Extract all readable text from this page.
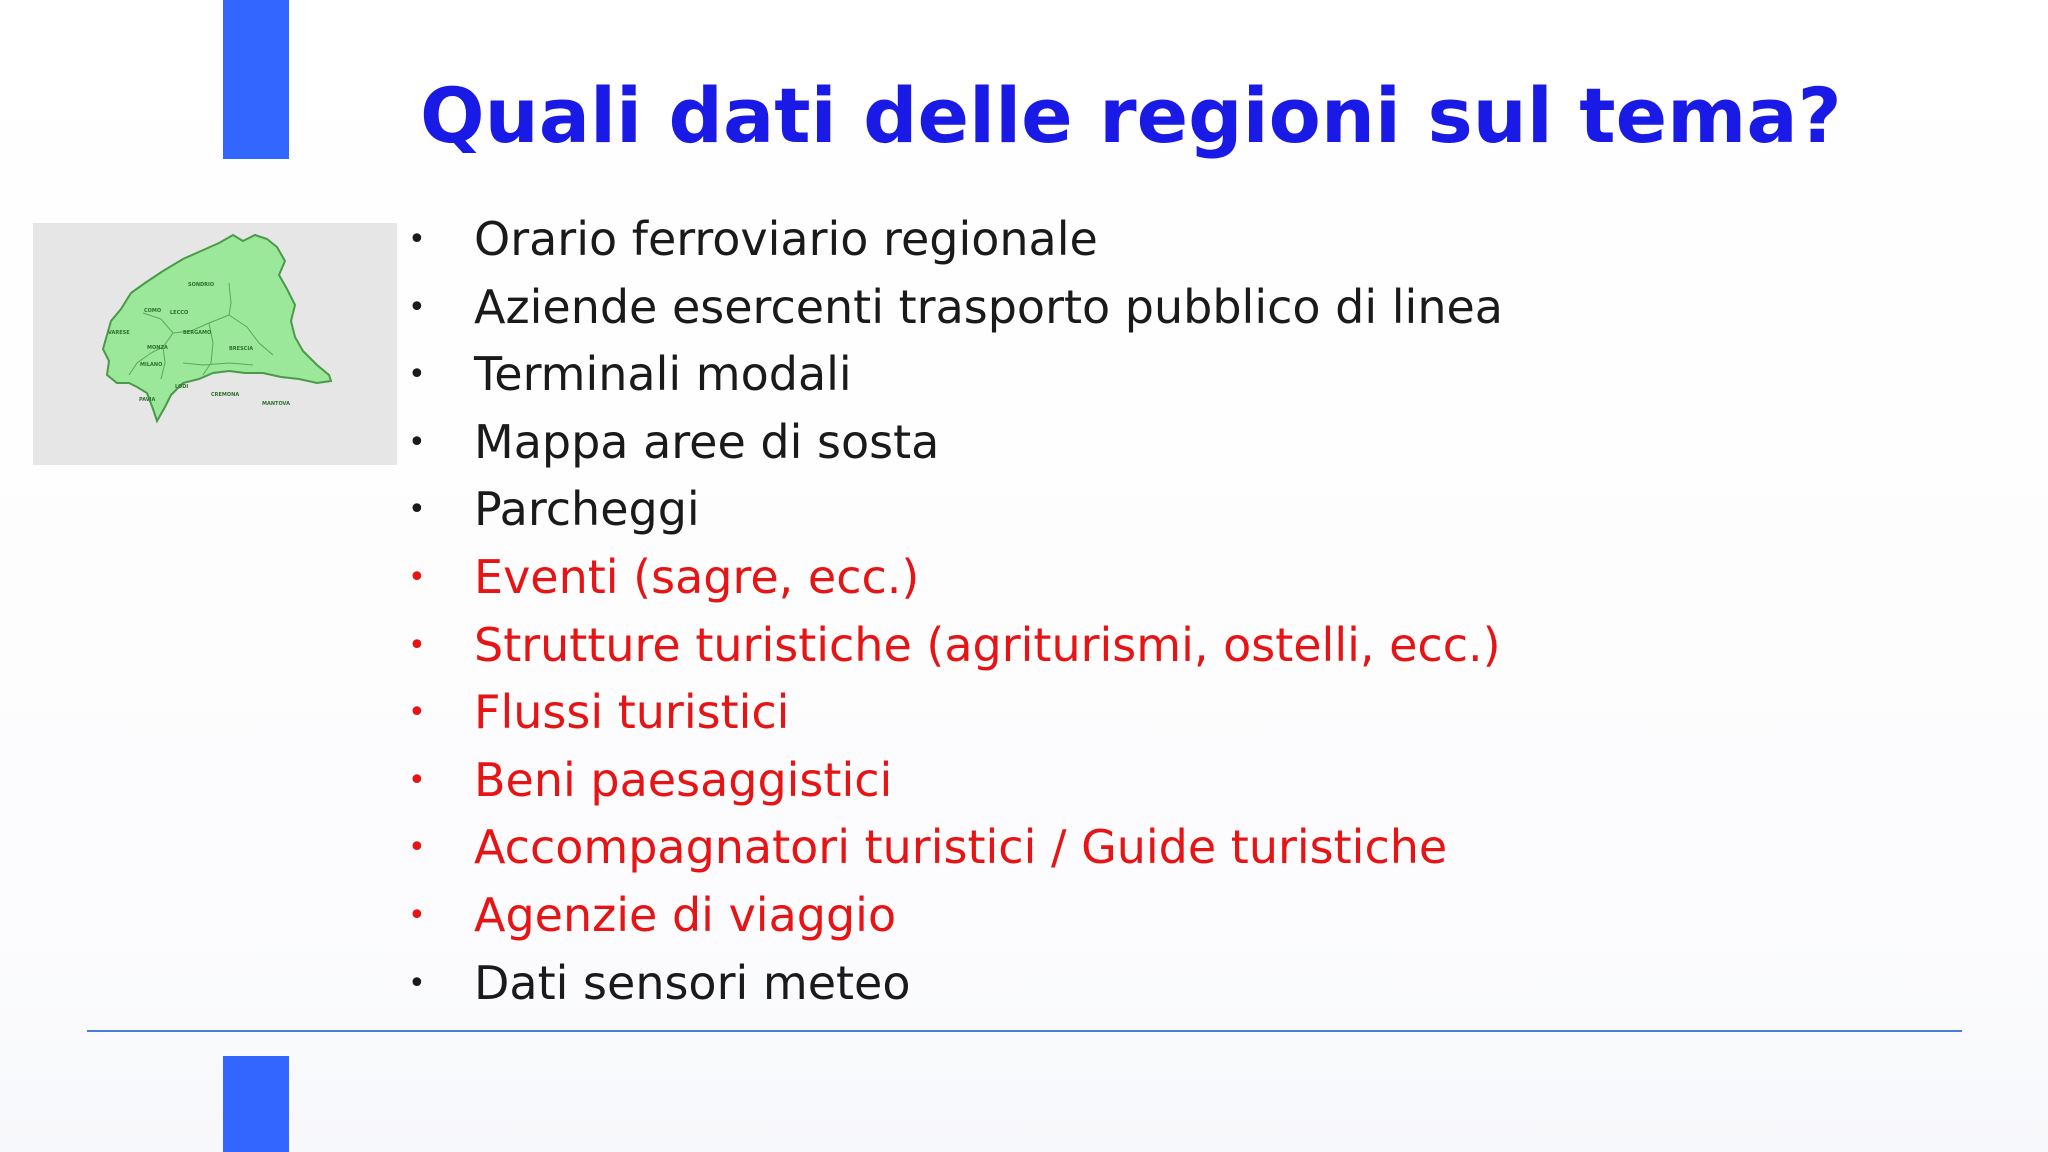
Quali dati delle regioni sul tema?
SONDRIO
COMO LECCO
VARESE	BERGAMO
BRESCIA
MONZA
MILANO
LODI
CREMONA
PAVIA
MANTOVA
• Orario ferroviario regionale
• Aziende esercenti trasporto pubblico di linea
• Terminali modali
• Mappa aree di sosta
• Parcheggi
• Eventi (sagre, ecc.)
• Strutture turistiche (agriturismi, ostelli, ecc.)
• Flussi turistici
• Beni paesaggistici
• Accompagnatori turistici / Guide turistiche
• Agenzie di viaggio
• Dati sensori meteo
